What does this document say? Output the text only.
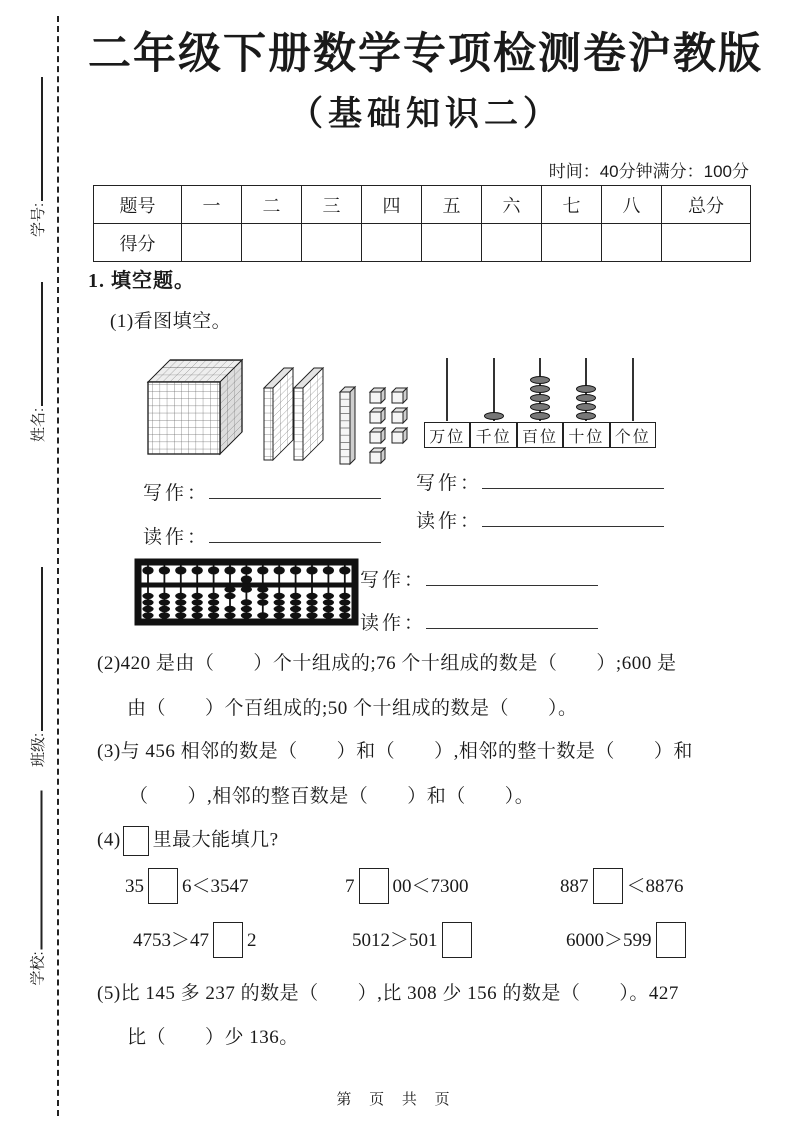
学号:
姓名:
班级:
学校:
二年级下册数学专项检测卷沪教版
（基础知识二）
时间：40分钟满分：100分
题号	一	二	三	四	五	六	七	八	总分
得分									
1. 填空题。
(1)看图填空。
万位 千位 百位 十位 个位
写作：
读作：
写作：
读作：
写作：
读作：
(2)420 是由（　　）个十组成的;76 个十组成的数是（　　）;600 是
由（　　）个百组成的;50 个十组成的数是（　　）。
(3)与 456 相邻的数是（　　）和（　　）,相邻的整十数是（　　）和
（　　）,相邻的整百数是（　　）和（　　）。
(4) 里最大能填几?
35 6＜3547	7 00＜7300	887 ＜8876
4753＞47 2	5012＞501	6000＞599
(5)比 145 多 237 的数是（　　）,比 308 少 156 的数是（　　）。427
比（　　）少 136。
第 页 共 页
